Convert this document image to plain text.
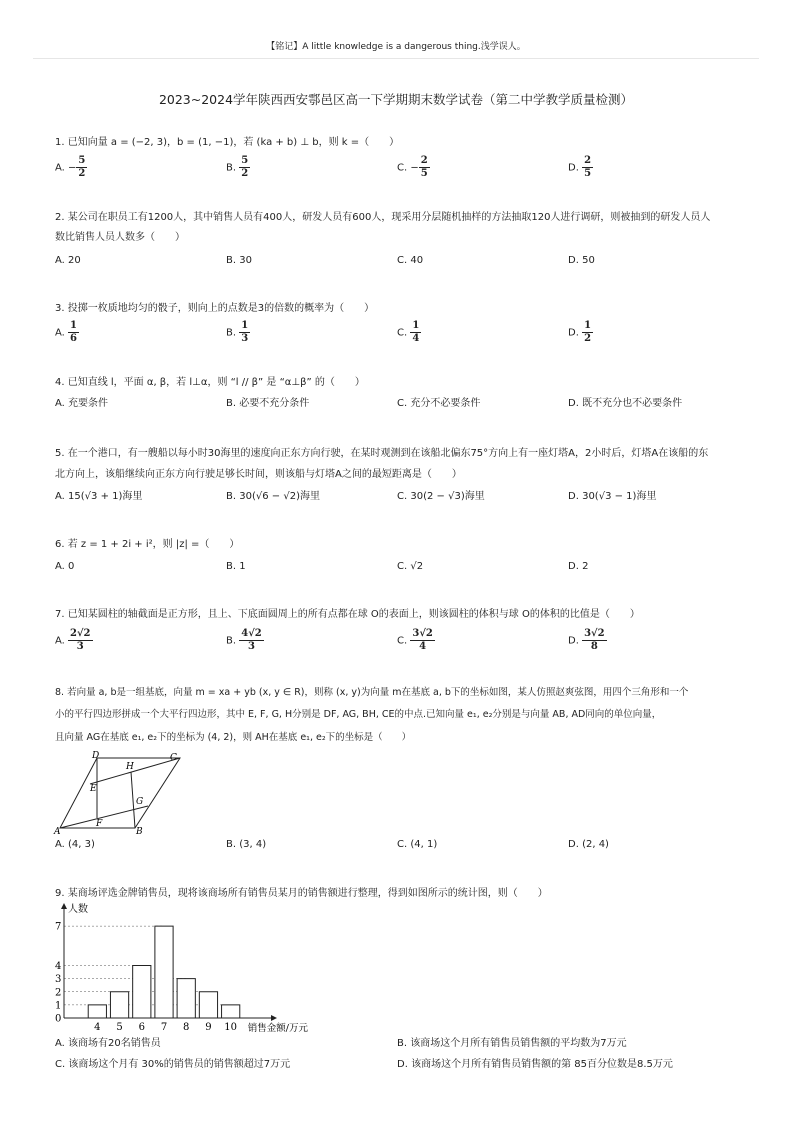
【铭记】A little knowledge is a dangerous thing.浅学误人。
2023~2024学年陕西西安鄠邑区高一下学期期末数学试卷（第二中学教学质量检测）
1. 已知向量 a = (−2, 3)，b = (1, −1)，若 (ka + b) ⊥ b，则 k =（　　）
A. − $\frac{5}{2}$	B. $\frac{5}{2}$	C. − $\frac{2}{5}$	D. $\frac{2}{5}$
2. 某公司在职员工有1200人，其中销售人员有400人，研发人员有600人，现采用分层随机抽样的方法抽取120人进行调研，则被抽到的研发人员人
数比销售人员人数多（　　）
A. 20	B. 30	C. 40	D. 50
3. 投掷一枚质地均匀的骰子，则向上的点数是3的倍数的概率为（　　）
A. $\frac{1}{6}$	B. $\frac{1}{3}$	C. $\frac{1}{4}$	D. $\frac{1}{2}$
4. 已知直线 l，平面 α, β，若 l⊥α，则 “l // β” 是 “α⊥β” 的（　　）
A. 充要条件	B. 必要不充分条件	C. 充分不必要条件	D. 既不充分也不必要条件
5. 在一个港口，有一艘船以每小时30海里的速度向正东方向行驶，在某时观测到在该船北偏东75°方向上有一座灯塔A，2小时后，灯塔A在该船的东
北方向上，该船继续向正东方向行驶足够长时间，则该船与灯塔A之间的最短距离是（　　）
A. 15(√3 + 1)海里	B. 30(√6 − √2)海里	C. 30(2 − √3)海里	D. 30(√3 − 1)海里
6. 若 z = 1 + 2i + i²，则 |z| =（　　）
A. 0	B. 1	C. √2	D. 2
7. 已知某圆柱的轴截面是正方形，且上、下底面圆周上的所有点都在球 O的表面上，则该圆柱的体积与球 O的体积的比值是（　　）
A. $\frac{2√2}{3}$	B. $\frac{4√2}{3}$	C. $\frac{3√2}{4}$	D. $\frac{3√2}{8}$
8. 若向量 a, b是一组基底，向量 m = xa + yb (x, y ∈ R)，则称 (x, y)为向量 m在基底 a, b下的坐标如图，某人仿照赵爽弦图，用四个三角形和一个
小的平行四边形拼成一个大平行四边形，其中 E, F, G, H分别是 DF, AG, BH, CE的中点.已知向量 e₁, e₂分别是与向量 AB, AD同向的单位向量，
且向量 AG在基底 e₁, e₂下的坐标为 (4, 2)，则 AH在基底 e₁, e₂下的坐标是（　　）
D	C
H
E
G
F
A	B
A. (4, 3)	B. (3, 4)	C. (4, 1)	D. (2, 4)
9. 某商场评选金牌销售员，现将该商场所有销售员某月的销售额进行整理，得到如图所示的统计图，则（　　）
1
2
3
4
7
0
4 5 6 7 8 9 10
人数
销售金额/万元
A. 该商场有20名销售员	B. 该商场这个月所有销售员销售额的平均数为7万元
C. 该商场这个月有 30%的销售员的销售额超过7万元	D. 该商场这个月所有销售员销售额的第 85百分位数是8.5万元
